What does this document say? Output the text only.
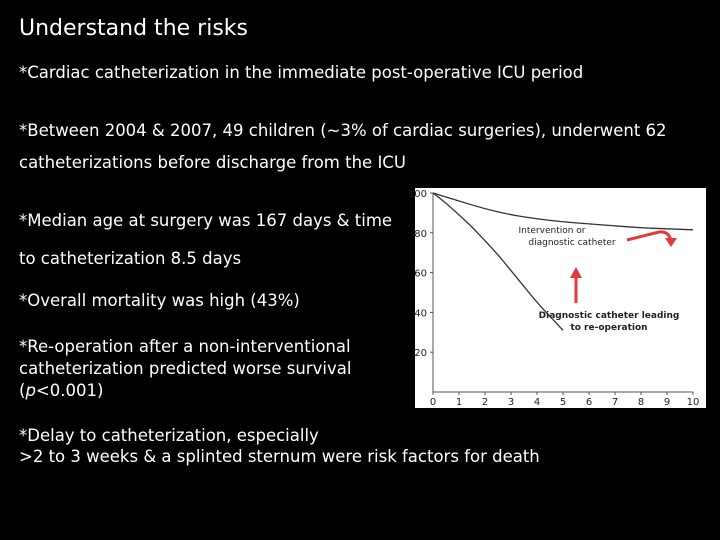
Understand the risks
*Cardiac catheterization in the immediate post-operative ICU period
*Between 2004 & 2007, 49 children (~3% of cardiac surgeries), underwent 62
catheterizations before discharge from the ICU
*Median age at surgery was 167 days & time
to catheterization 8.5 days
*Overall mortality was high (43%)
*Re-operation after a non-interventional
catheterization predicted worse survival
(p<0.001)
*Delay to catheterization, especially
>2 to 3 weeks & a splinted sternum were risk factors for death
20
40
60
80
100
0 1 2 3 4 5 6 7 8 9 10
Intervention or
diagnostic catheter
Diagnostic catheter leading
to re-operation
